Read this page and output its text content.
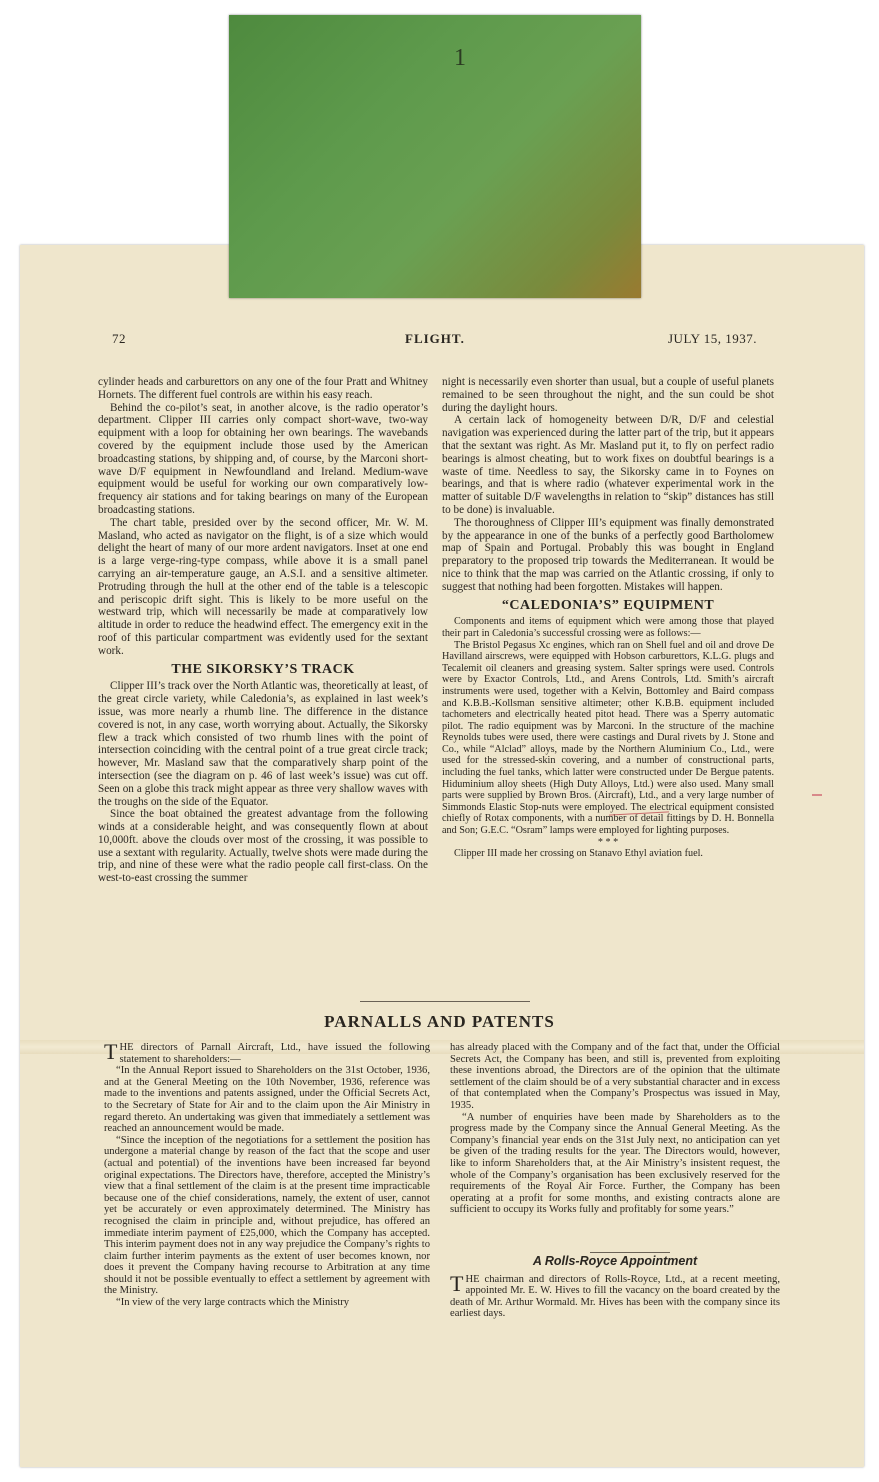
1
72	FLIGHT.	JULY 15, 1937.

cylinder heads and carburettors on any one of the four Pratt and Whitney Hornets. The different fuel controls are within his easy reach.

Behind the co-pilot’s seat, in another alcove, is the radio operator’s department. Clipper III carries only compact short-wave, two-way equipment with a loop for obtaining her own bearings. The wavebands covered by the equipment include those used by the American broadcasting stations, by shipping and, of course, by the Marconi short-wave D/F equipment in Newfoundland and Ireland. Medium-wave equipment would be useful for working our own comparatively low-frequency air stations and for taking bearings on many of the European broadcasting stations.

The chart table, presided over by the second officer, Mr. W. M. Masland, who acted as navigator on the flight, is of a size which would delight the heart of many of our more ardent navigators. Inset at one end is a large verge-ring-type compass, while above it is a small panel carrying an air-temperature gauge, an A.S.I. and a sensitive altimeter. Protruding through the hull at the other end of the table is a telescopic and periscopic drift sight. This is likely to be more useful on the westward trip, which will necessarily be made at comparatively low altitude in order to reduce the headwind effect. The emergency exit in the roof of this particular compartment was evidently used for the sextant work.

THE SIKORSKY’S TRACK

Clipper III’s track over the North Atlantic was, theoretically at least, of the great circle variety, while Caledonia’s, as explained in last week’s issue, was more nearly a rhumb line. The difference in the distance covered is not, in any case, worth worrying about. Actually, the Sikorsky flew a track which consisted of two rhumb lines with the point of intersection coinciding with the central point of a true great circle track; however, Mr. Masland saw that the comparatively sharp point of the intersection (see the diagram on p. 46 of last week’s issue) was cut off. Seen on a globe this track might appear as three very shallow waves with the troughs on the side of the Equator.

Since the boat obtained the greatest advantage from the following winds at a considerable height, and was consequently flown at about 10,000ft. above the clouds over most of the crossing, it was possible to use a sextant with regularity. Actually, twelve shots were made during the trip, and nine of these were what the radio people call first-class. On the west-to-east crossing the summer

night is necessarily even shorter than usual, but a couple of useful planets remained to be seen throughout the night, and the sun could be shot during the daylight hours.

A certain lack of homogeneity between D/R, D/F and celestial navigation was experienced during the latter part of the trip, but it appears that the sextant was right. As Mr. Masland put it, to fly on perfect radio bearings is almost cheating, but to work fixes on doubtful bearings is a waste of time. Needless to say, the Sikorsky came in to Foynes on bearings, and that is where radio (whatever experimental work in the matter of suitable D/F wavelengths in relation to “skip” distances has still to be done) is invaluable.

The thoroughness of Clipper III’s equipment was finally demonstrated by the appearance in one of the bunks of a perfectly good Bartholomew map of Spain and Portugal. Probably this was bought in England preparatory to the proposed trip towards the Mediterranean. It would be nice to think that the map was carried on the Atlantic crossing, if only to suggest that nothing had been forgotten. Mistakes will happen.

“CALEDONIA’S” EQUIPMENT

Components and items of equipment which were among those that played their part in Caledonia’s successful crossing were as follows:—

The Bristol Pegasus Xc engines, which ran on Shell fuel and oil and drove De Havilland airscrews, were equipped with Hobson carburettors, K.L.G. plugs and Tecalemit oil cleaners and greasing system. Salter springs were used. Controls were by Exactor Controls, Ltd., and Arens Controls, Ltd. Smith’s aircraft instruments were used, together with a Kelvin, Bottomley and Baird compass and K.B.B.-Kollsman sensitive altimeter; other K.B.B. equipment included tachometers and electrically heated pitot head. There was a Sperry automatic pilot. The radio equipment was by Marconi. In the structure of the machine Reynolds tubes were used, there were castings and Dural rivets by J. Stone and Co., while “Alclad” alloys, made by the Northern Aluminium Co., Ltd., were used for the stressed-skin covering, and a number of constructional parts, including the fuel tanks, which latter were constructed under De Bergue patents. Hiduminium alloy sheets (High Duty Alloys, Ltd.) were also used. Many small parts were supplied by Brown Bros. (Aircraft), Ltd., and a very large number of Simmonds Elastic Stop-nuts were employed. The electrical equipment consisted chiefly of Rotax components, with a number of detail fittings by D. H. Bonnella and Son; G.E.C. “Osram” lamps were employed for lighting purposes.

* * *

Clipper III made her crossing on Stanavo Ethyl aviation fuel.

PARNALLS AND PATENTS

THE directors of Parnall Aircraft, Ltd., have issued the following statement to shareholders:—

“In the Annual Report issued to Shareholders on the 31st October, 1936, and at the General Meeting on the 10th November, 1936, reference was made to the inventions and patents assigned, under the Official Secrets Act, to the Secretary of State for Air and to the claim upon the Air Ministry in regard thereto. An undertaking was given that immediately a settlement was reached an announcement would be made.

“Since the inception of the negotiations for a settlement the position has undergone a material change by reason of the fact that the scope and user (actual and potential) of the inventions have been increased far beyond original expectations. The Directors have, therefore, accepted the Ministry’s view that a final settlement of the claim is at the present time impracticable because one of the chief considerations, namely, the extent of user, cannot yet be accurately or even approximately determined. The Ministry has recognised the claim in principle and, without prejudice, has offered an immediate interim payment of £25,000, which the Company has accepted. This interim payment does not in any way prejudice the Company’s rights to claim further interim payments as the extent of user becomes known, nor does it prevent the Company having recourse to Arbitration at any time should it not be possible eventually to effect a settlement by agreement with the Ministry.

“In view of the very large contracts which the Ministry

has already placed with the Company and of the fact that, under the Official Secrets Act, the Company has been, and still is, prevented from exploiting these inventions abroad, the Directors are of the opinion that the ultimate settlement of the claim should be of a very substantial character and in excess of that contemplated when the Company’s Prospectus was issued in May, 1935.

“A number of enquiries have been made by Shareholders as to the progress made by the Company since the Annual General Meeting. As the Company’s financial year ends on the 31st July next, no anticipation can yet be given of the trading results for the year. The Directors would, however, like to inform Shareholders that, at the Air Ministry’s insistent request, the whole of the Company’s organisation has been exclusively reserved for the requirements of the Royal Air Force. Further, the Company has been operating at a profit for some months, and existing contracts alone are sufficient to occupy its Works fully and profitably for some years.”

A Rolls-Royce Appointment

THE chairman and directors of Rolls-Royce, Ltd., at a recent meeting, appointed Mr. E. W. Hives to fill the vacancy on the board created by the death of Mr. Arthur Wormald. Mr. Hives has been with the company since its earliest days.
